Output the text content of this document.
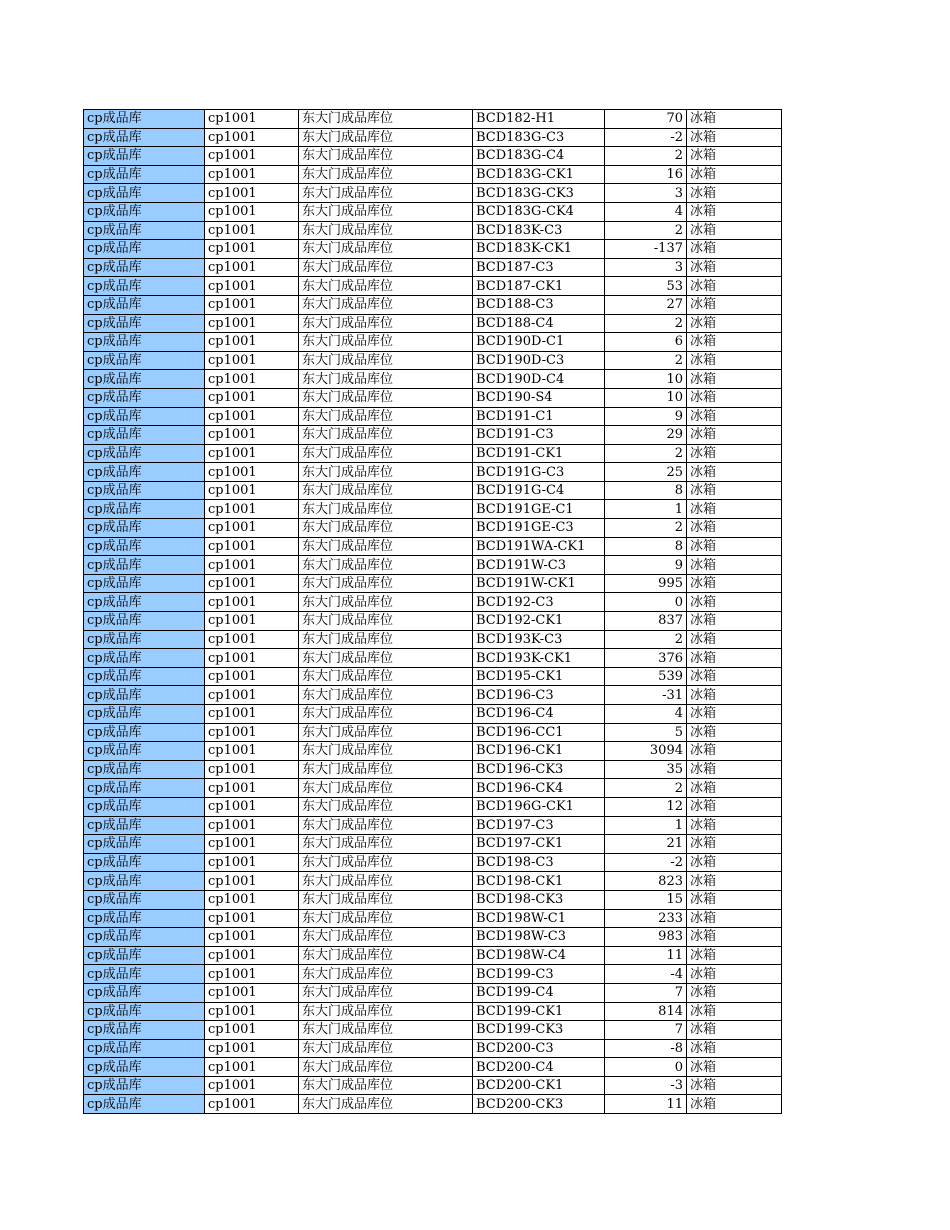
cp成品库	cp1001	东大门成品库位	BCD182-H1	70	冰箱
cp成品库	cp1001	东大门成品库位	BCD183G-C3	-2	冰箱
cp成品库	cp1001	东大门成品库位	BCD183G-C4	2	冰箱
cp成品库	cp1001	东大门成品库位	BCD183G-CK1	16	冰箱
cp成品库	cp1001	东大门成品库位	BCD183G-CK3	3	冰箱
cp成品库	cp1001	东大门成品库位	BCD183G-CK4	4	冰箱
cp成品库	cp1001	东大门成品库位	BCD183K-C3	2	冰箱
cp成品库	cp1001	东大门成品库位	BCD183K-CK1	-137	冰箱
cp成品库	cp1001	东大门成品库位	BCD187-C3	3	冰箱
cp成品库	cp1001	东大门成品库位	BCD187-CK1	53	冰箱
cp成品库	cp1001	东大门成品库位	BCD188-C3	27	冰箱
cp成品库	cp1001	东大门成品库位	BCD188-C4	2	冰箱
cp成品库	cp1001	东大门成品库位	BCD190D-C1	6	冰箱
cp成品库	cp1001	东大门成品库位	BCD190D-C3	2	冰箱
cp成品库	cp1001	东大门成品库位	BCD190D-C4	10	冰箱
cp成品库	cp1001	东大门成品库位	BCD190-S4	10	冰箱
cp成品库	cp1001	东大门成品库位	BCD191-C1	9	冰箱
cp成品库	cp1001	东大门成品库位	BCD191-C3	29	冰箱
cp成品库	cp1001	东大门成品库位	BCD191-CK1	2	冰箱
cp成品库	cp1001	东大门成品库位	BCD191G-C3	25	冰箱
cp成品库	cp1001	东大门成品库位	BCD191G-C4	8	冰箱
cp成品库	cp1001	东大门成品库位	BCD191GE-C1	1	冰箱
cp成品库	cp1001	东大门成品库位	BCD191GE-C3	2	冰箱
cp成品库	cp1001	东大门成品库位	BCD191WA-CK1	8	冰箱
cp成品库	cp1001	东大门成品库位	BCD191W-C3	9	冰箱
cp成品库	cp1001	东大门成品库位	BCD191W-CK1	995	冰箱
cp成品库	cp1001	东大门成品库位	BCD192-C3	0	冰箱
cp成品库	cp1001	东大门成品库位	BCD192-CK1	837	冰箱
cp成品库	cp1001	东大门成品库位	BCD193K-C3	2	冰箱
cp成品库	cp1001	东大门成品库位	BCD193K-CK1	376	冰箱
cp成品库	cp1001	东大门成品库位	BCD195-CK1	539	冰箱
cp成品库	cp1001	东大门成品库位	BCD196-C3	-31	冰箱
cp成品库	cp1001	东大门成品库位	BCD196-C4	4	冰箱
cp成品库	cp1001	东大门成品库位	BCD196-CC1	5	冰箱
cp成品库	cp1001	东大门成品库位	BCD196-CK1	3094	冰箱
cp成品库	cp1001	东大门成品库位	BCD196-CK3	35	冰箱
cp成品库	cp1001	东大门成品库位	BCD196-CK4	2	冰箱
cp成品库	cp1001	东大门成品库位	BCD196G-CK1	12	冰箱
cp成品库	cp1001	东大门成品库位	BCD197-C3	1	冰箱
cp成品库	cp1001	东大门成品库位	BCD197-CK1	21	冰箱
cp成品库	cp1001	东大门成品库位	BCD198-C3	-2	冰箱
cp成品库	cp1001	东大门成品库位	BCD198-CK1	823	冰箱
cp成品库	cp1001	东大门成品库位	BCD198-CK3	15	冰箱
cp成品库	cp1001	东大门成品库位	BCD198W-C1	233	冰箱
cp成品库	cp1001	东大门成品库位	BCD198W-C3	983	冰箱
cp成品库	cp1001	东大门成品库位	BCD198W-C4	11	冰箱
cp成品库	cp1001	东大门成品库位	BCD199-C3	-4	冰箱
cp成品库	cp1001	东大门成品库位	BCD199-C4	7	冰箱
cp成品库	cp1001	东大门成品库位	BCD199-CK1	814	冰箱
cp成品库	cp1001	东大门成品库位	BCD199-CK3	7	冰箱
cp成品库	cp1001	东大门成品库位	BCD200-C3	-8	冰箱
cp成品库	cp1001	东大门成品库位	BCD200-C4	0	冰箱
cp成品库	cp1001	东大门成品库位	BCD200-CK1	-3	冰箱
cp成品库	cp1001	东大门成品库位	BCD200-CK3	11	冰箱
